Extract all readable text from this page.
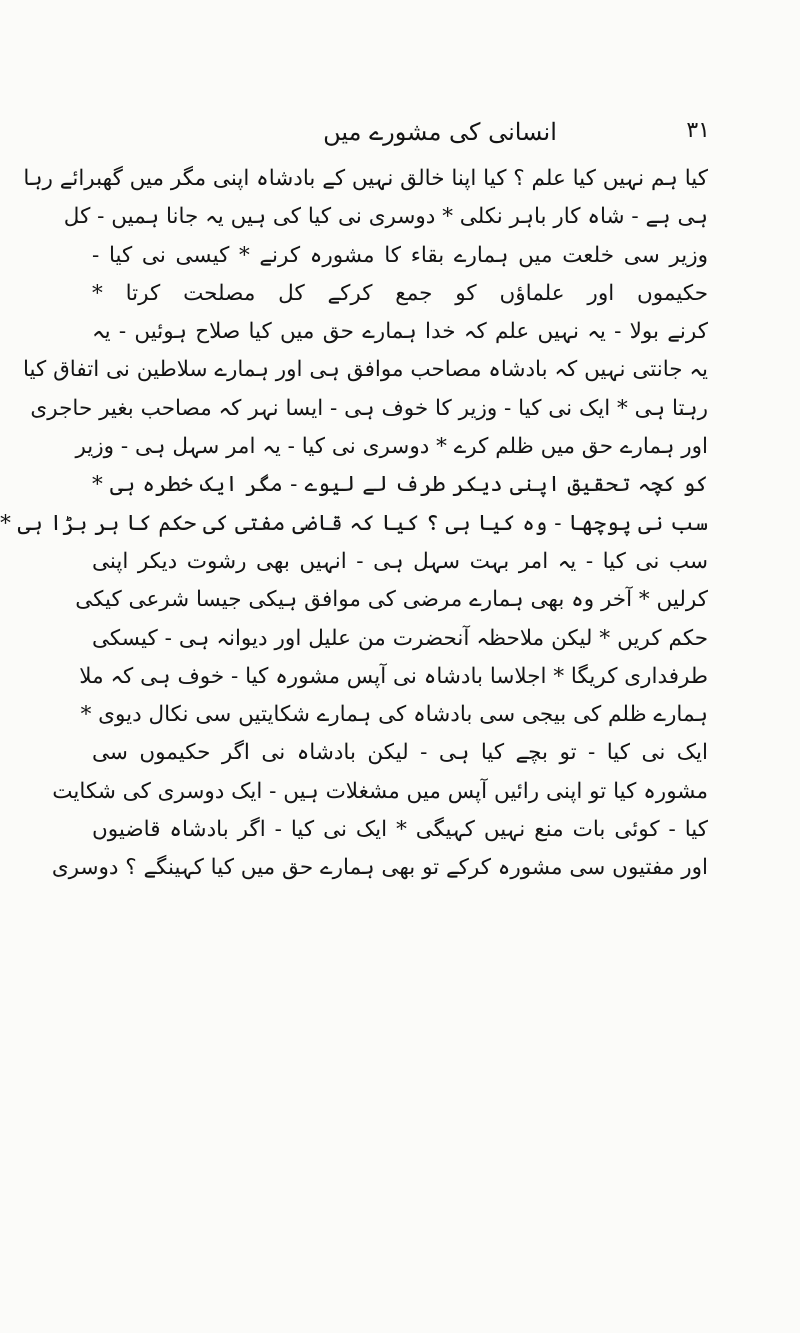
انسانی کی مشورے میں	۳۱
کیا ہم نہیں کیا علم ؟ کیا اپنا خالق نہیں کے بادشاہ اپنی مگر میں گھبرائے رہا
ہی ہے - شاہ کار باہر نکلی * دوسری نی کیا کی ہیں یہ جانا ہمیں - کل
وزیر سی خلعت میں ہمارے بقاء کا مشورہ کرنے * کیسی نی کیا -
حکیموں اور علماؤں کو جمع کرکے کل مصلحت کرتا *
کرنے بولا - یہ نہیں علم کہ خدا ہمارے حق میں کیا صلاح ہوئیں - یہ
یہ جانتی نہیں کہ بادشاہ مصاحب موافق ہی اور ہمارے سلاطین نی اتفاق کیا
رہتا ہی * ایک نی کیا - وزیر کا خوف ہی - ایسا نہر کہ مصاحب بغیر حاجری
اور ہمارے حق میں ظلم کرے * دوسری نی کیا - یہ امر سہل ہی - وزیر
کو کچہ تحقیق اپنی دیکر طرف لے لیوے - مگر ایک خطرہ ہی *
سب نی پوچھا - وہ کیا ہی ؟ کیا کہ قاضی مفتی کی حکم کا ہر بڑا ہی *
سب نی کیا - یہ امر بہت سہل ہی - انہیں بھی رشوت دیکر اپنی
کرلیں * آخر وہ بھی ہمارے مرضی کی موافق ہیکی جیسا شرعی کیکی
حکم کریں * لیکن ملاحظہ آنحضرت من علیل اور دیوانہ ہی - کیسکی
طرفداری کریگا * اجلاسا بادشاہ نی آپس مشورہ کیا - خوف ہی کہ ملا
ہمارے ظلم کی بیجی سی بادشاہ کی ہمارے شکایتیں سی نکال دیوی *
ایک نی کیا - تو بچے کیا ہی - لیکن بادشاہ نی اگر حکیموں سی
مشورہ کیا تو اپنی رائیں آپس میں مشغلات ہیں - ایک دوسری کی شکایت
کیا - کوئی بات منع نہیں کہیگی * ایک نی کیا - اگر بادشاہ قاضیوں
اور مفتیوں سی مشورہ کرکے تو بھی ہمارے حق میں کیا کہینگے ؟ دوسری
